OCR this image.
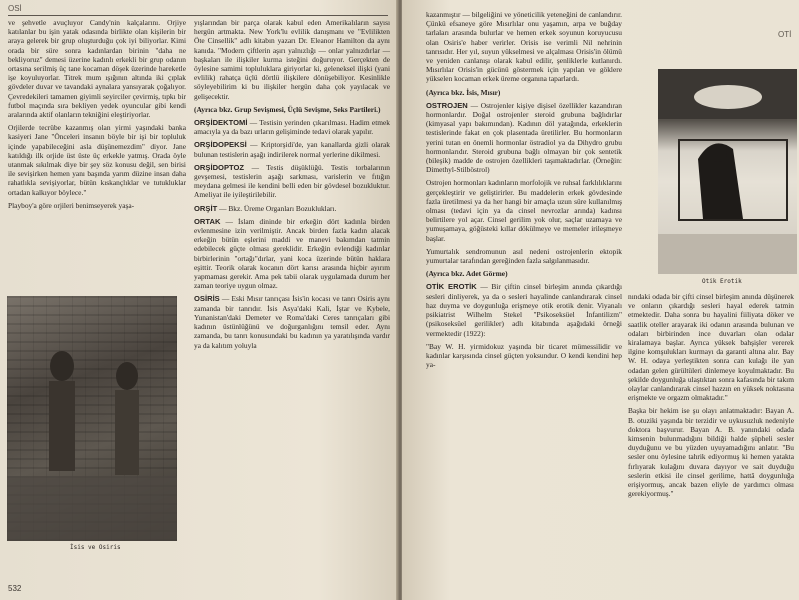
OSİ

ve şehvetle avuçluyor Candy'nin kalçalarını. Orjiye katılanlar bu işin yatak odasında birlikte olan kişilerin bir araya gelerek bir grup oluşturduğu çok iyi biliyorlar. Kimi orada bir süre sonra kadınlardan birinin "daha ne bekliyoruz" demesi üzerine kadınlı erkekli bir grup odanın ortasına serilmiş üç tane kocaman döşek üzerinde hareketle işe koyuluyorlar. Titrek mum ışığının altında iki çıplak gövdeler duvar ve tavandaki aynalara yansıyarak çoğalıyor. Çevredekileri tamamen giyimli seyirciler çevirmiş, tıpkı bir futbol maçında sıra bekliyen yedek oyuncular gibi kendi aralarında aktif olanların tekniğini eleştiriyorlar.

Orjilerde tecrübe kazanmış olan yirmi yaşındaki banka kasiyeri Jane "Önceleri insanın böyle bir işi bir topluluk içinde yapabileceğini asla düşünemezdim" diyor. Jane katıldığı ilk orjide üst üste üç erkekle yatmış. Orada öyle utanmak sıkılmak diye bir şey söz konusu değil, sen birisi ile sevişirken hemen yanı başında yarım düzine insan daha rahatlıkla sevişiyorlar, bütün kıskançlıklar ve tutukluklar ortadan kalkıyor böylece."

Playboy'a göre orjileri benimseyerek yaşa-

İsis ve Osiris

yışlarından bir parça olarak kabul eden Amerikalıların sayısı hergün artmakta. New York'lu evlilik danışmanı ve "Evlilikten Öte Cinsellik" adlı kitabın yazarı Dr. Eleanor Hamilton da aynı kanıda. "Modern çiftlerin aşırı yalnızlığı — onlar yalnızdırlar — başkaları ile ilişkiler kurma isteğini doğuruyor. Gerçekten de öylesine samimi topluluklara giriyorlar ki, geleneksel ilişki (yani evlilik) rahatça üçlü dörtlü ilişkilere dönüşebiliyor. Kesinlikle söyleyebilirim ki bu ilişkiler hergün daha çok yayılacak ve gelişecektir.

(Ayrıca bkz. Grup Sevişmesi, Üçlü Sevişme, Seks Partileri.)

ORŞİDEKTOMİ — Testisin yerinden çıkarılması. Hadim etmek amacıyla ya da bazı urların gelişiminde tedavi olarak yapılır.

ORŞİDOPEKSİ — Kriptorşidi'de, yan kanallarda gizli olarak bulunan testislerin aşağı indirilerek normal yerlerine dikilmesi.

ORŞİDOPTOZ — Testis düşüklüğü. Testis torbalarının gevşemesi, testislerin aşağı sarkması, varislerin ve fıtığın meydana gelmesi ile kendini belli eden bir gövdesel bozukluktur. Ameliyat ile iyileştirilebilir.

ORŞİT — Bkz. Üreme Organları Bozuklukları.

ORTAK — İslam dininde bir erkeğin dört kadınla birden evlenmesine izin verilmiştir. Ancak birden fazla kadın alacak erkeğin bütün eşlerini maddi ve manevi bakımdan tatmin edebilecek güçte olması gereklidir. Erkeğin evlendiği kadınlar birbirlerinin "ortağı"dırlar, yani koca üzerinde bütün haklara eşittir. Teorik olarak kocanın dört karısı arasında hiçbir ayırım yapmaması gerekir. Ama pek tabii olarak uygulamada durum her zaman teoriye uygun olmaz.

OSİRİS — Eski Mısır tanrıçası İsis'in kocası ve tanrı Osiris aynı zamanda bir tanrıdır. İsis Asya'daki Kali, İştar ve Kybele, Yunanistan'daki Demeter ve Roma'daki Ceres tanrıçaları gibi kadının üstünlüğünü ve doğurganlığını temsil eder. Aynı zamanda, bu tanrı konusundaki bu kadının ya yaratılışında vardır ya da kalıtım yoluyla

532
OTİ

kazanmıştır — bilgeliğini ve yöneticilik yeteneğini de canlandırır. Çünkü efsaneye göre Mısırlılar onu yaşamın, arpa ve buğday tarlaları arasında bulurlar ve hemen erkek soyunun koruyucusu olan Osiris'e haber verirler. Orisis ise verimli Nil nehrinin tanrısıdır. Her yıl, suyun yükselmesi ve alçalması Orisis'in ölümü ve yeniden canlanışı olarak kabul edilir, şenliklerle kutlanırdı. Mısırlılar Orisis'in gücünü göstermek için yapılan ve göklere yükselen kocaman erkek üreme organına taparlardı.

(Ayrıca bkz. İsis, Mısır)

OSTROJEN — Ostrojenler kişiye dişisel özellikler kazandıran hormonlardır. Doğal ostrojenler steroid grubuna bağlıdırlar (kimyasal yapı bakımından). Kadının döl yatağında, erkeklerin testislerinde fakat en çok plasentada üretilirler. Bu hormonların yerini tutan en önemli hormonlar östradiol ya da Dihydro grubu hormonlarıdır. Steroid grubuna bağlı olmayan bir çok sentetik (bileşik) madde de ostrojen özellikleri taşımaktadırlar. (Örneğin: Dimethyl-Stilböstrol)

Ostrojen hormonları kadınların morfolojik ve ruhsal farklılıklarını gerçekleştirir ve geliştirirler. Bu maddelerin erkek gövdesinde fazla üretilmesi ya da her hangi bir amaçla uzun süre kullanılmış olması (tedavi için ya da cinsel nevrozlar arında) kadınsı belirtilere yol açar. Cinsel gerilim yok olur, saçlar uzamaya ve yumuşamaya, göğüsteki kıllar dökülmeye ve memeler irileşmeye başlar.

Yumurtalık sendromunun asıl nedeni ostrojenlerin ektopik yumurtalar tarafından gereğinden fazla salgılanmasıdır.

(Ayrıca bkz. Adet Görme)

OTİK EROTİK — Bir çiftin cinsel birleşim anında çıkardığı sesleri dinliyerek, ya da o sesleri hayalinde canlandırarak cinsel haz duyma ve doygunluğa erişmeye otik erotik denir. Viyanalı psikiatrist Wilhelm Stekel "Psikoseksüel İnfantilizm" (psikoseksüel gerilikler) adlı kitabında aşağıdaki örneği vermektedir (1922):

"Bay W. H. yirmidokuz yaşında bir ticaret mümessilidir ve kadınlar karşısında cinsel güçten yoksundur. O kendi kendini hep ya-

Otik Erotik

nındaki odada bir çifti cinsel birleşim anında düşünerek ve onların çıkardığı sesleri hayal ederek tatmin etmektedir. Daha sonra bu hayalini fiiliyata döker ve saatlik oteller arayarak iki odanın arasında bulunan ve odaları birbirinden ince duvarları olan odalar kiralamaya başlar. Ayrıca yüksek bahşişler vererek ilgine komşulukları kurmayı da garanti altına alır. Bay W. H. odaya yerleştikten sonra can kulağı ile yan odadan gelen gürültüleri dinlemeye koyulmaktadır. Bu şekilde doygunluğa ulaştıktan sonra kafasında bir takım olaylar canlandırarak cinsel hazzın en yüksek noktasına erişmekte ve orgazm olmaktadır."

Başka bir hekim ise şu olayı anlatmaktadır: Bayan A. B. otuziki yaşında bir terzidir ve uykusuzluk nedeniyle doktora başvurur. Bayan A. B. yanındaki odada kimsenin bulunmadığını bildiği halde şüpheli sesler duyduğunu ve bu yüzden uyuyamadığını anlatır. "Bu sesler onu öylesine tahrik ediyormuş ki hemen yatakta fırlıyarak kulağını duvara dayıyor ve sait duyduğu seslerin etkisi ile cinsel gerilime, hattâ doygunluğa erişiyormuş, ancak bazen eliyle de yardımcı olması gerekiyormuş."
